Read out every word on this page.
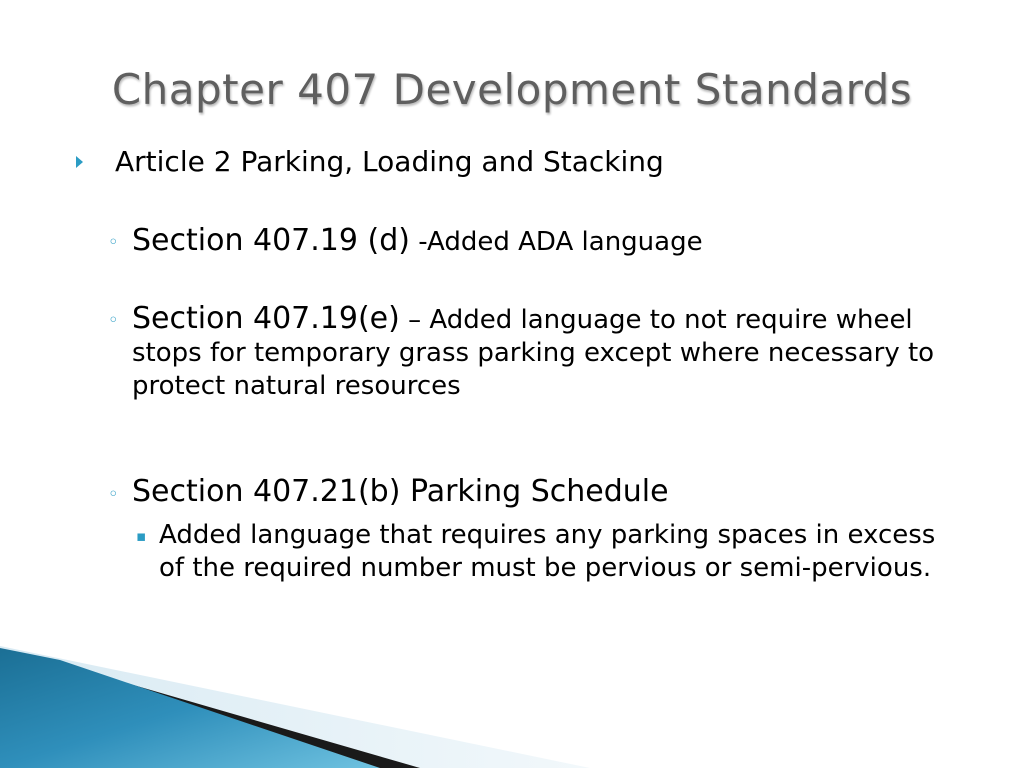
Chapter 407 Development Standards
Article 2 Parking, Loading and Stacking
◦ Section 407.19 (d) -Added ADA language
◦ Section 407.19(e) – Added language to not require wheel stops for temporary grass parking except where necessary to protect natural resources
◦ Section 407.21(b) Parking Schedule
▪ Added language that requires any parking spaces in excess of the required number must be pervious or semi-pervious.
